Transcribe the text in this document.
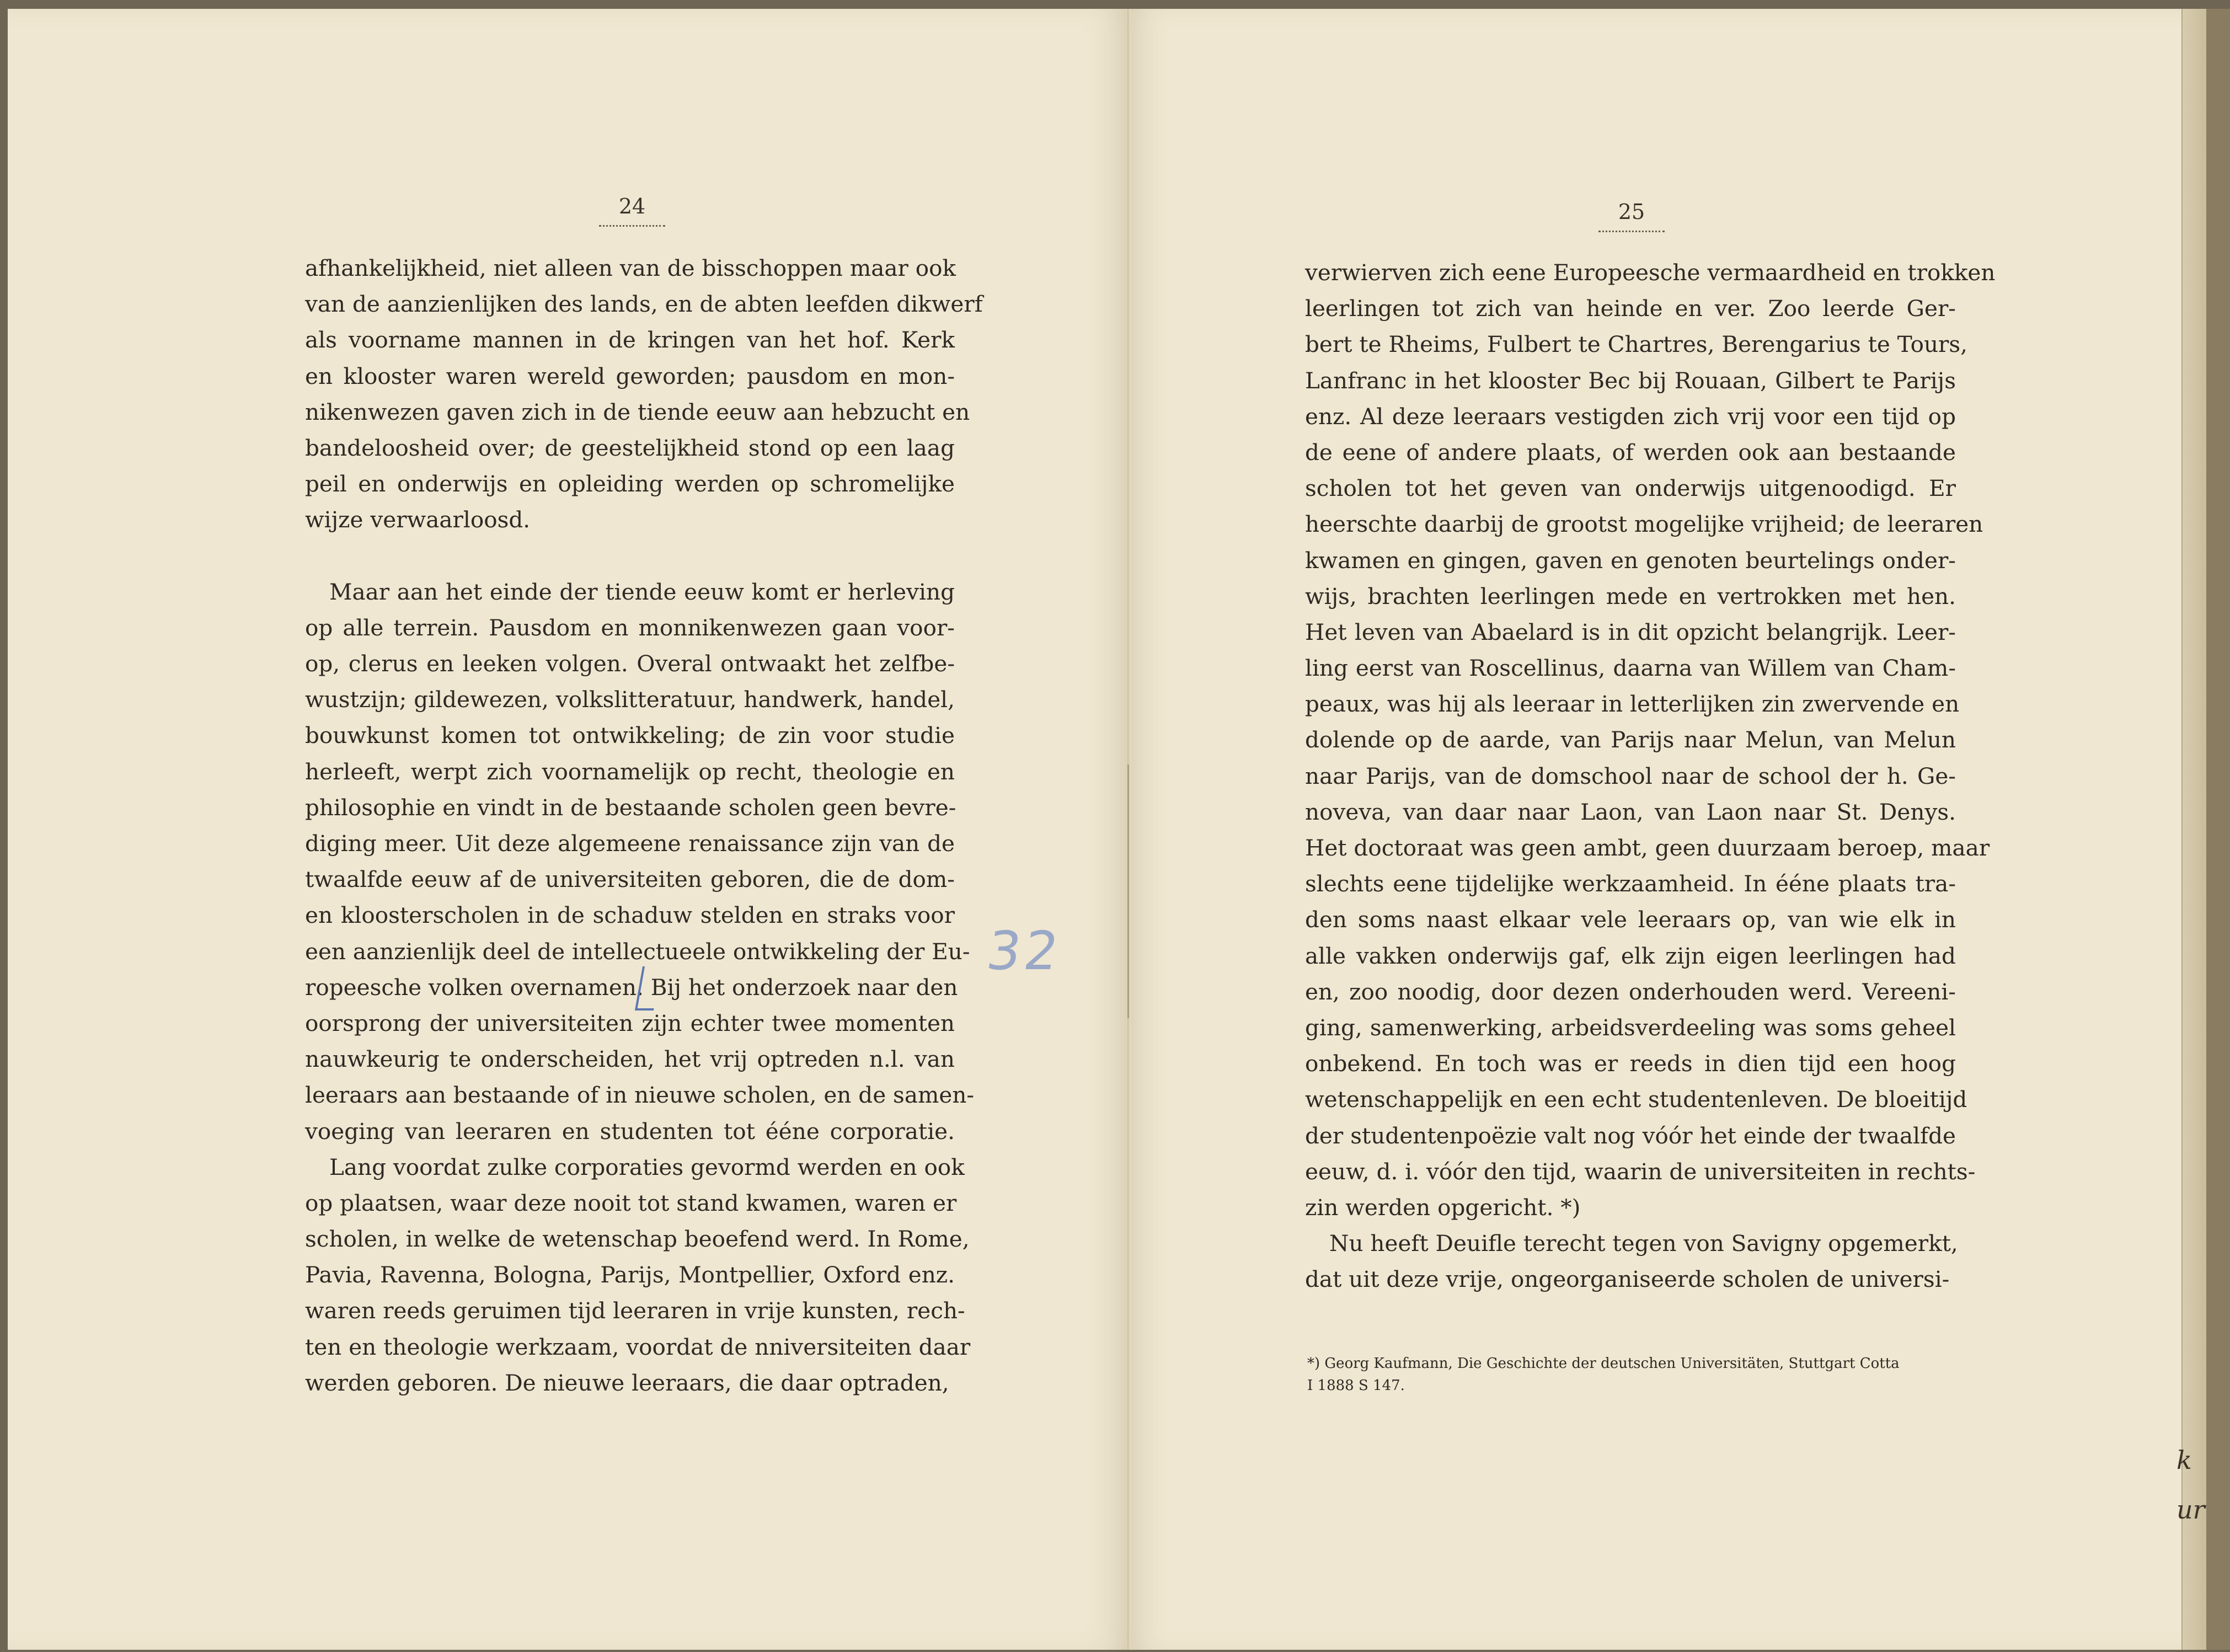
24	25
afhankelijkheid, niet alleen van de bisschoppen maar ook
van de aanzienlijken des lands, en de abten leefden dikwerf
als voorname mannen in de kringen van het hof. Kerk
en klooster waren wereld geworden; pausdom en mon-
nikenwezen gaven zich in de tiende eeuw aan hebzucht en
bandeloosheid over; de geestelijkheid stond op een laag
peil en onderwijs en opleiding werden op schromelijke
wijze verwaarloosd.
Maar aan het einde der tiende eeuw komt er herleving
op alle terrein. Pausdom en monnikenwezen gaan voor-
op, clerus en leeken volgen. Overal ontwaakt het zelfbe-
wustzijn; gildewezen, volkslitteratuur, handwerk, handel,
bouwkunst komen tot ontwikkeling; de zin voor studie
herleeft, werpt zich voornamelijk op recht, theologie en
philosophie en vindt in de bestaande scholen geen bevre-
diging meer. Uit deze algemeene renaissance zijn van de
twaalfde eeuw af de universiteiten geboren, die de dom-
en kloosterscholen in de schaduw stelden en straks voor
een aanzienlijk deel de intellectueele ontwikkeling der Eu-
ropeesche volken overnamen. Bij het onderzoek naar den
oorsprong der universiteiten zijn echter twee momenten
nauwkeurig te onderscheiden, het vrij optreden n.l. van
leeraars aan bestaande of in nieuwe scholen, en de samen-
voeging van leeraren en studenten tot ééne corporatie.
Lang voordat zulke corporaties gevormd werden en ook
op plaatsen, waar deze nooit tot stand kwamen, waren er
scholen, in welke de wetenschap beoefend werd. In Rome,
Pavia, Ravenna, Bologna, Parijs, Montpellier, Oxford enz.
waren reeds geruimen tijd leeraren in vrije kunsten, rech-
ten en theologie werkzaam, voordat de nniversiteiten daar
werden geboren. De nieuwe leeraars, die daar optraden,
verwierven zich eene Europeesche vermaardheid en trokken
leerlingen tot zich van heinde en ver. Zoo leerde Ger-
bert te Rheims, Fulbert te Chartres, Berengarius te Tours,
Lanfranc in het klooster Bec bij Rouaan, Gilbert te Parijs
enz. Al deze leeraars vestigden zich vrij voor een tijd op
de eene of andere plaats, of werden ook aan bestaande
scholen tot het geven van onderwijs uitgenoodigd. Er
heerschte daarbij de grootst mogelijke vrijheid; de leeraren
kwamen en gingen, gaven en genoten beurtelings onder-
wijs, brachten leerlingen mede en vertrokken met hen.
Het leven van Abaelard is in dit opzicht belangrijk. Leer-
ling eerst van Roscellinus, daarna van Willem van Cham-
peaux, was hij als leeraar in letterlijken zin zwervende en
dolende op de aarde, van Parijs naar Melun, van Melun
naar Parijs, van de domschool naar de school der h. Ge-
noveva, van daar naar Laon, van Laon naar St. Denys.
Het doctoraat was geen ambt, geen duurzaam beroep, maar
slechts eene tijdelijke werkzaamheid. In ééne plaats tra-
den soms naast elkaar vele leeraars op, van wie elk in
alle vakken onderwijs gaf, elk zijn eigen leerlingen had
en, zoo noodig, door dezen onderhouden werd. Vereeni-
ging, samenwerking, arbeidsverdeeling was soms geheel
onbekend. En toch was er reeds in dien tijd een hoog
wetenschappelijk en een echt studentenleven. De bloeitijd
der studentenpoëzie valt nog vóór het einde der twaalfde
eeuw, d. i. vóór den tijd, waarin de universiteiten in rechts-
zin werden opgericht. *)
Nu heeft Deuifle terecht tegen von Savigny opgemerkt,
dat uit deze vrije, ongeorganiseerde scholen de universi-
*) Georg Kaufmann, Die Geschichte der deutschen Universitäten, Stuttgart Cotta
I 1888 S 147.
32
k
ur
